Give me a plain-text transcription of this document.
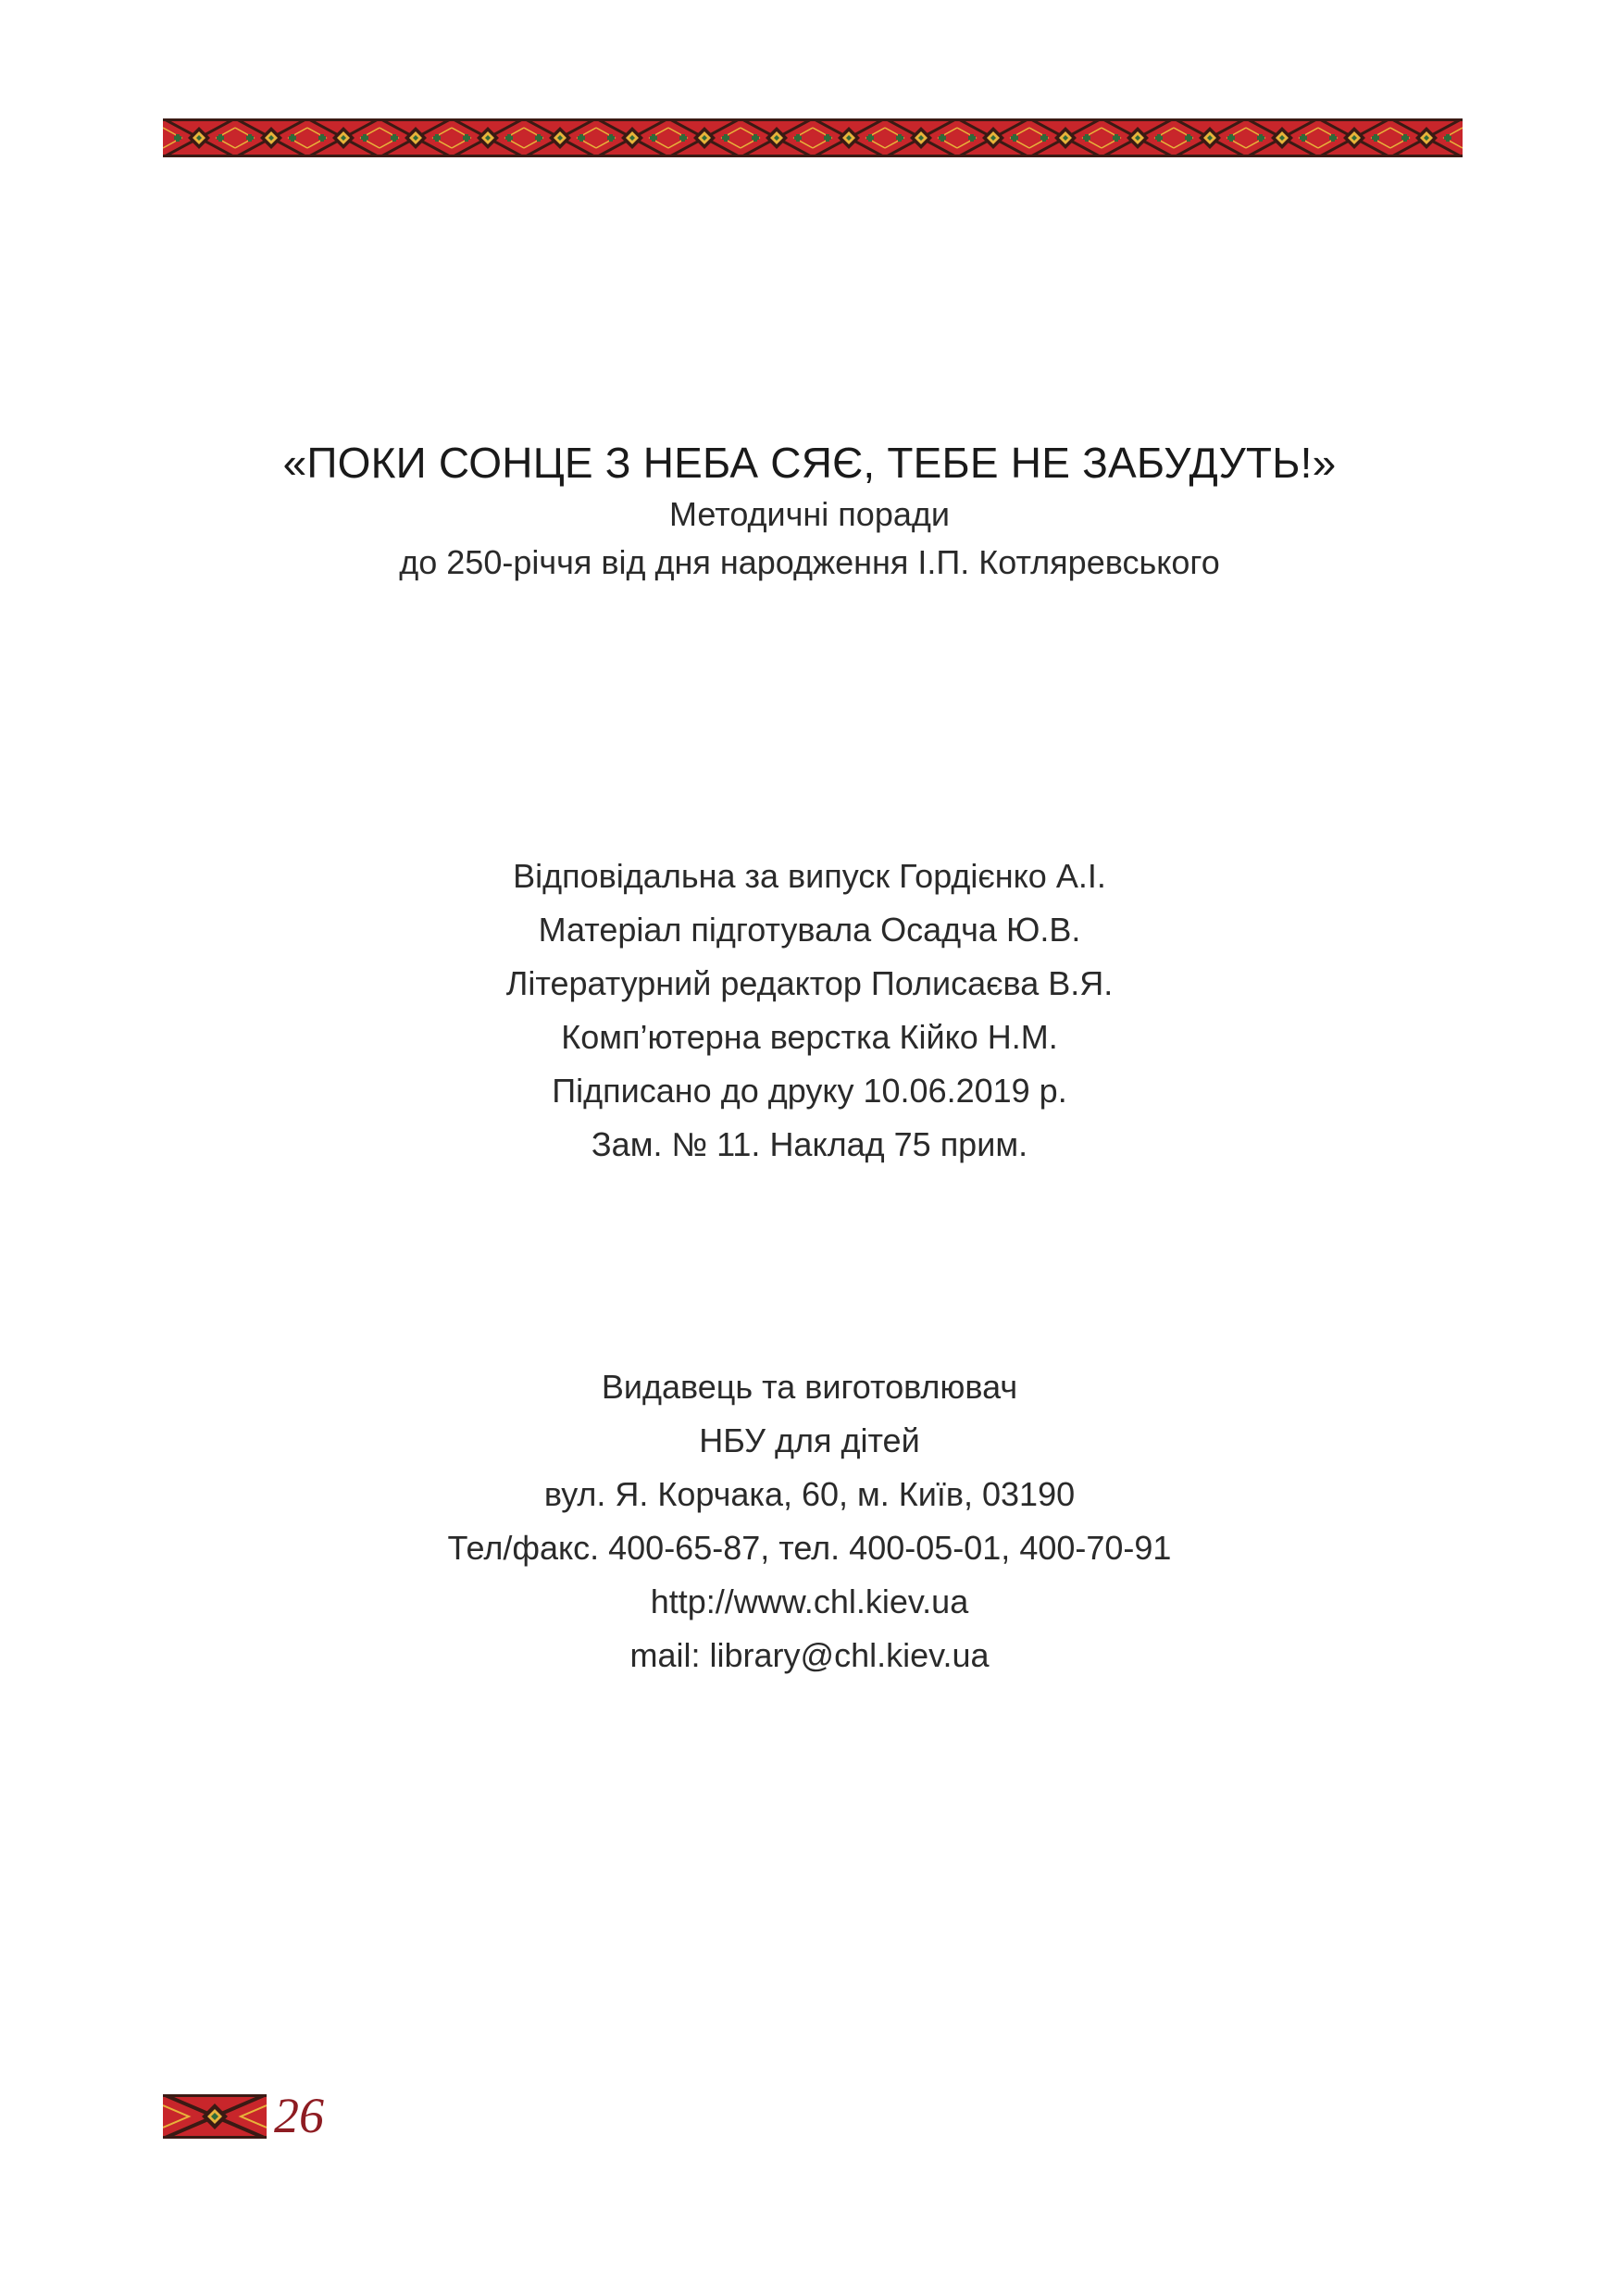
«ПОКИ СОНЦЕ З НЕБА СЯЄ, ТЕБЕ НЕ ЗАБУДУТЬ!»
Методичні поради
до 250-річчя від дня народження І.П. Котляревського
Відповідальна за випуск Гордієнко А.І.
Матеріал підготувала Осадча Ю.В.
Літературний редактор Полисаєва В.Я.
Комп’ютерна верстка Кійко Н.М.
Підписано до друку 10.06.2019 р.
Зам. № 11. Наклад 75 прим.
Видавець та виготовлювач
НБУ для дітей
вул. Я. Корчака, 60, м. Київ, 03190
Тел/факс. 400-65-87, тел. 400-05-01, 400-70-91
http://www.chl.kiev.ua
mail: library@chl.kiev.ua
26
